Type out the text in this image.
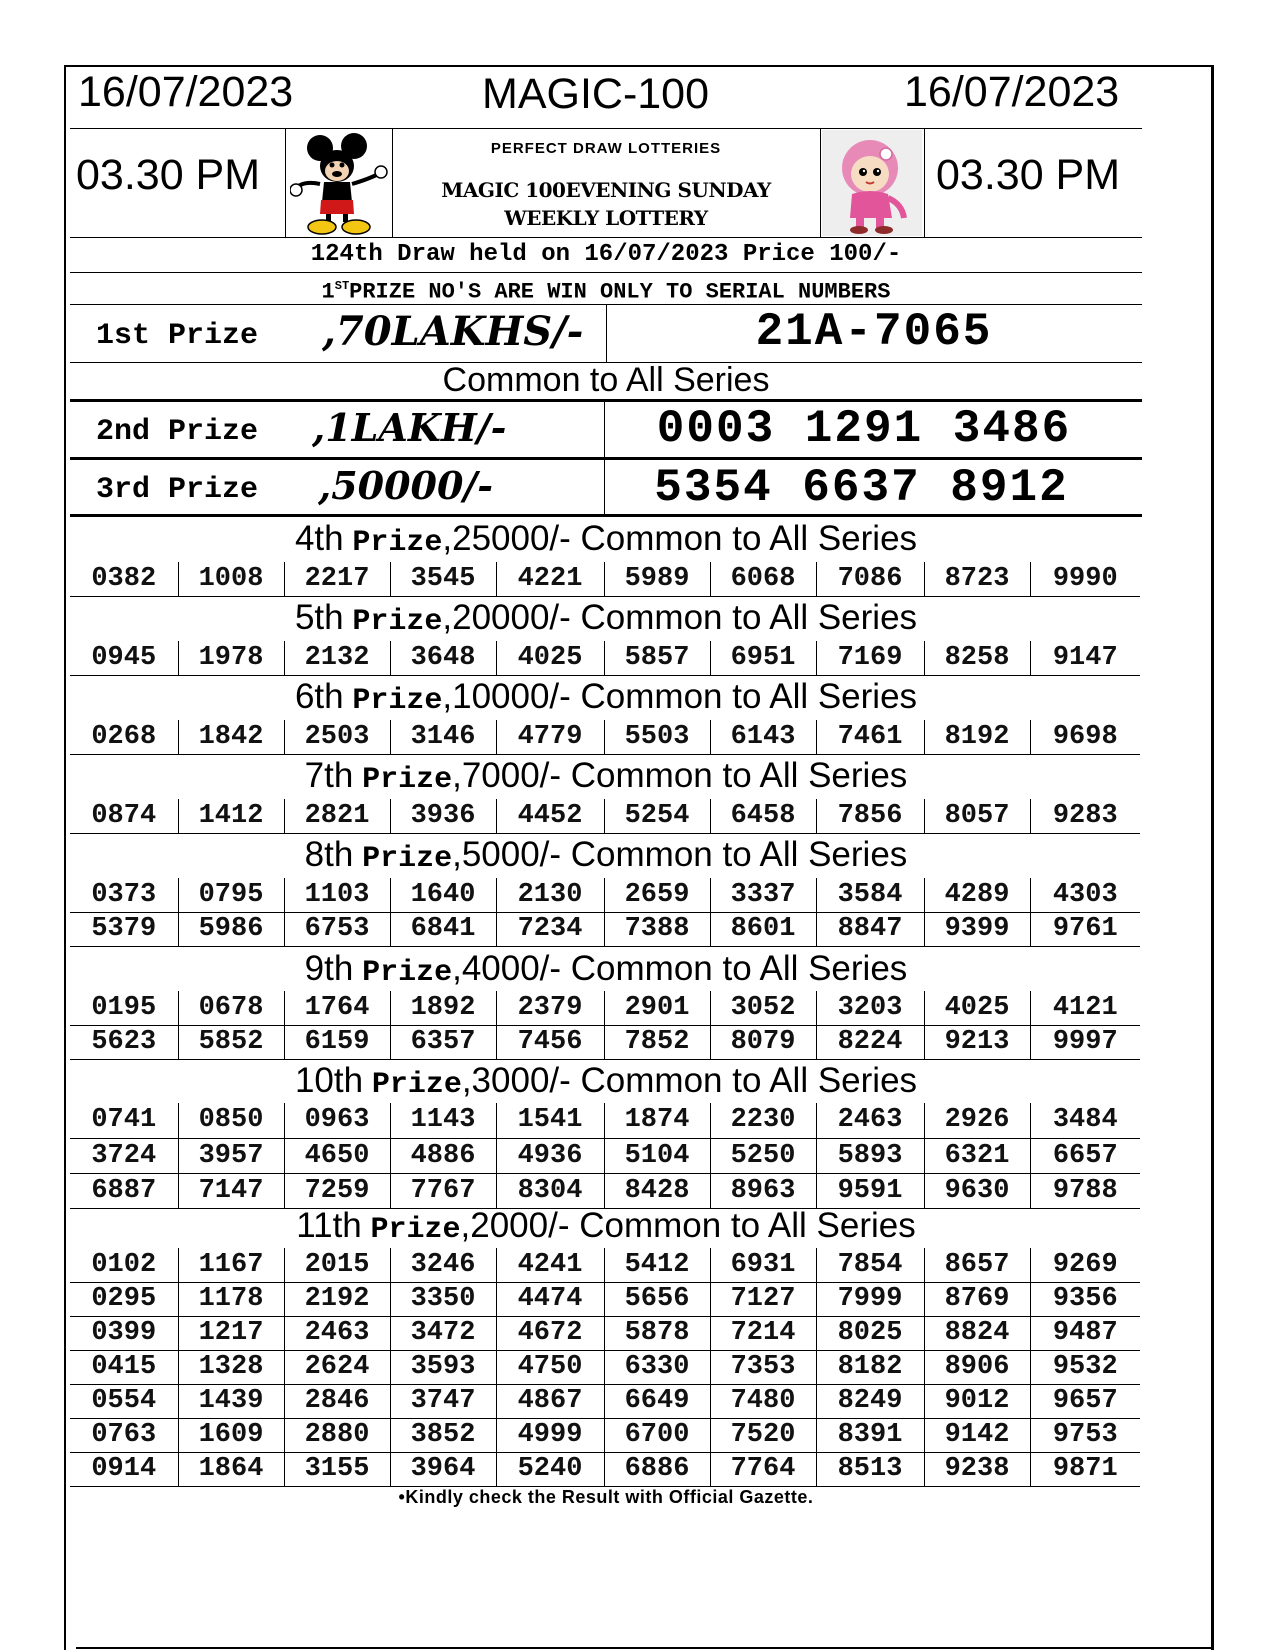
16/07/2023	MAGIC-100	16/07/2023
03.30 PM
PERFECT DRAW LOTTERIES
MAGIC 100EVENING SUNDAY
WEEKLY LOTTERY
03.30 PM
124th Draw held on 16/07/2023 Price 100/-
1STPRIZE NO'S ARE WIN ONLY TO SERIAL NUMBERS
1st Prize ,70LAKHS/-	21A-7065
Common to All Series
2nd Prize ,1LAKH/-	0003 1291 3486
3rd Prize ,50000/-	5354 6637 8912
4th Prize,25000/- Common to All Series
0382	1008	2217	3545	4221	5989	6068	7086	8723	9990
5th Prize,20000/- Common to All Series
0945	1978	2132	3648	4025	5857	6951	7169	8258	9147
6th Prize,10000/- Common to All Series
0268	1842	2503	3146	4779	5503	6143	7461	8192	9698
7th Prize,7000/- Common to All Series
0874	1412	2821	3936	4452	5254	6458	7856	8057	9283
8th Prize,5000/- Common to All Series
0373	0795	1103	1640	2130	2659	3337	3584	4289	4303
5379	5986	6753	6841	7234	7388	8601	8847	9399	9761
9th Prize,4000/- Common to All Series
0195	0678	1764	1892	2379	2901	3052	3203	4025	4121
5623	5852	6159	6357	7456	7852	8079	8224	9213	9997
10th Prize,3000/- Common to All Series
0741	0850	0963	1143	1541	1874	2230	2463	2926	3484
3724	3957	4650	4886	4936	5104	5250	5893	6321	6657
6887	7147	7259	7767	8304	8428	8963	9591	9630	9788
11th Prize,2000/- Common to All Series
0102	1167	2015	3246	4241	5412	6931	7854	8657	9269
0295	1178	2192	3350	4474	5656	7127	7999	8769	9356
0399	1217	2463	3472	4672	5878	7214	8025	8824	9487
0415	1328	2624	3593	4750	6330	7353	8182	8906	9532
0554	1439	2846	3747	4867	6649	7480	8249	9012	9657
0763	1609	2880	3852	4999	6700	7520	8391	9142	9753
0914	1864	3155	3964	5240	6886	7764	8513	9238	9871
•Kindly check the Result with Official Gazette.
